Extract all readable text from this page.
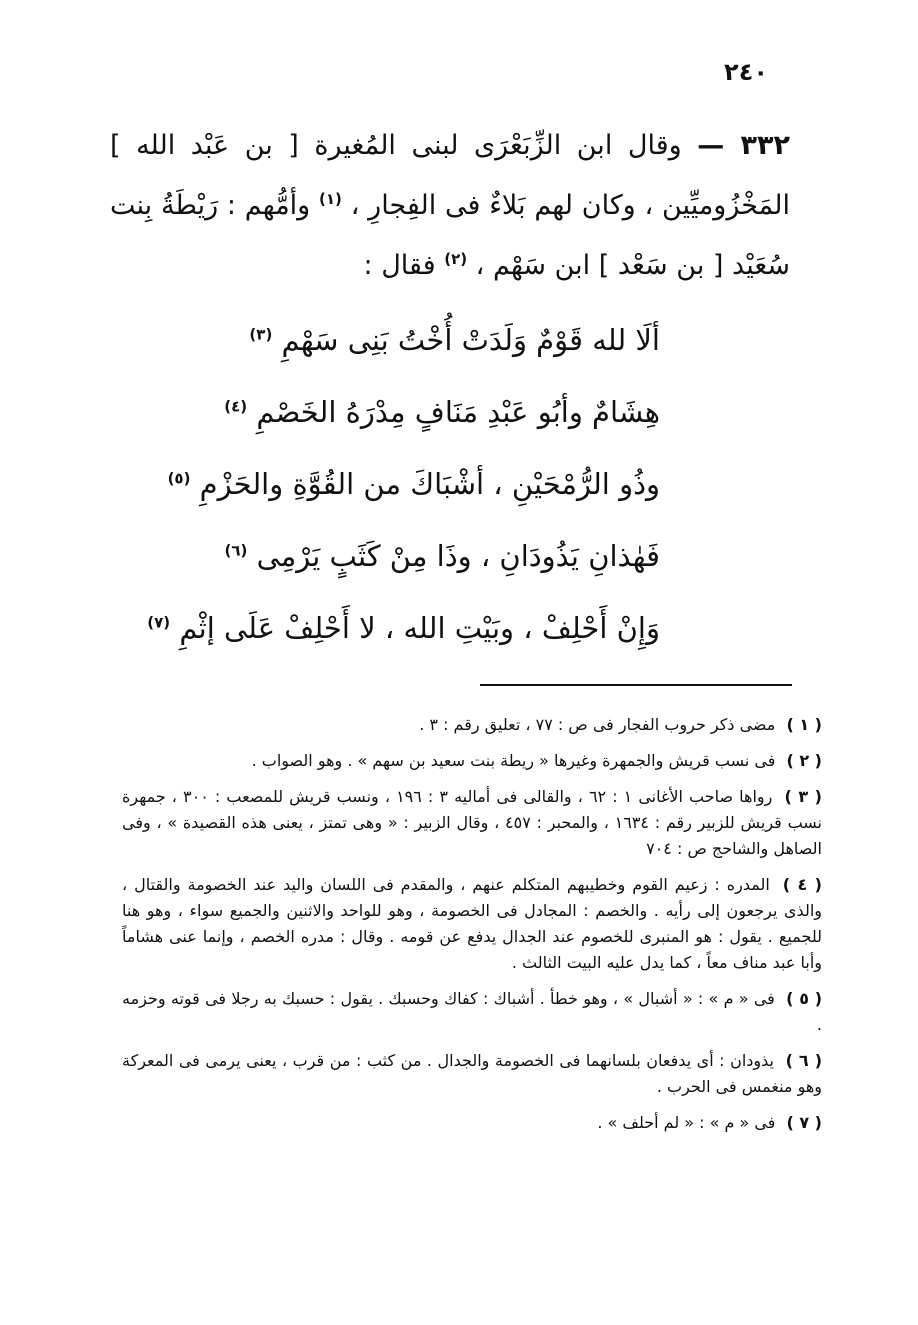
٢٤٠
٣٣٢ — وقال ابن الزِّبَعْرَى لبنى المُغيرة [ بن عَبْد الله ] المَخْزُوميِّين ، وكان لهم بَلاءٌ فى الفِجارِ ، $^{(١)}$ وأمُّهم : رَيْطَةُ بِنت سُعَيْد [ بن سَعْد ] ابن سَهْم ، $^{(٢)}$ فقال :
ألَا لله قَوْمٌ وَلَدَتْ أُخْتُ بَنِى سَهْمِ $^{(٣)}$
هِشَامٌ وأبُو عَبْدِ مَنَافٍ مِدْرَهُ الخَصْمِ $^{(٤)}$
وذُو الرُّمْحَيْنِ ، أشْبَاكَ من القُوَّةِ والحَزْمِ $^{(٥)}$
فَهٰذانِ يَذُودَانِ ، وذَا مِنْ كَثَبٍ يَرْمِى $^{(٦)}$
وَإِنْ أَحْلِفْ ، وبَيْتِ الله ، لا أَحْلِفْ عَلَى إثْمِ $^{(٧)}$

( ١ ) مضى ذكر حروب الفجار فى ص : ٧٧ ، تعليق رقم : ٣ .

( ٢ ) فى نسب قريش والجمهرة وغيرها « ريطة بنت سعيد بن سهم » . وهو الصواب .

( ٣ ) رواها صاحب الأغانى ١ : ٦٢ ، والقالى فى أماليه ٣ : ١٩٦ ، ونسب قريش للمصعب : ٣٠٠ ، جمهرة نسب قريش للزبير رقم : ١٦٣٤ ، والمحبر : ٤٥٧ ، وقال الزبير : « وهى تمتز ، يعنى هذه القصيدة » ، وفى الصاهل والشاحج ص : ٧٠٤

( ٤ ) المدره : زعيم القوم وخطيبهم المتكلم عنهم ، والمقدم فى اللسان واليد عند الخصومة والقتال ، والذى يرجعون إلى رأيه . والخصم : المجادل فى الخصومة ، وهو للواحد والاثنين والجميع سواء ، وهو هنا للجميع . يقول : هو المنبرى للخصوم عند الجدال يدفع عن قومه . وقال : مدره الخصم ، وإنما عنى هشاماً وأبا عبد مناف معاً ، كما يدل عليه البيت الثالث .

( ٥ ) فى « م » : « أشبال » ، وهو خطأ . أشباك : كفاك وحسبك . يقول : حسبك به رجلا فى قوته وحزمه .

( ٦ ) يذودان : أى يدفعان بلسانهما فى الخصومة والجدال . من كثب : من قرب ، يعنى يرمى فى المعركة وهو منغمس فى الحرب .

( ٧ ) فى « م » : « لم أحلف » .
